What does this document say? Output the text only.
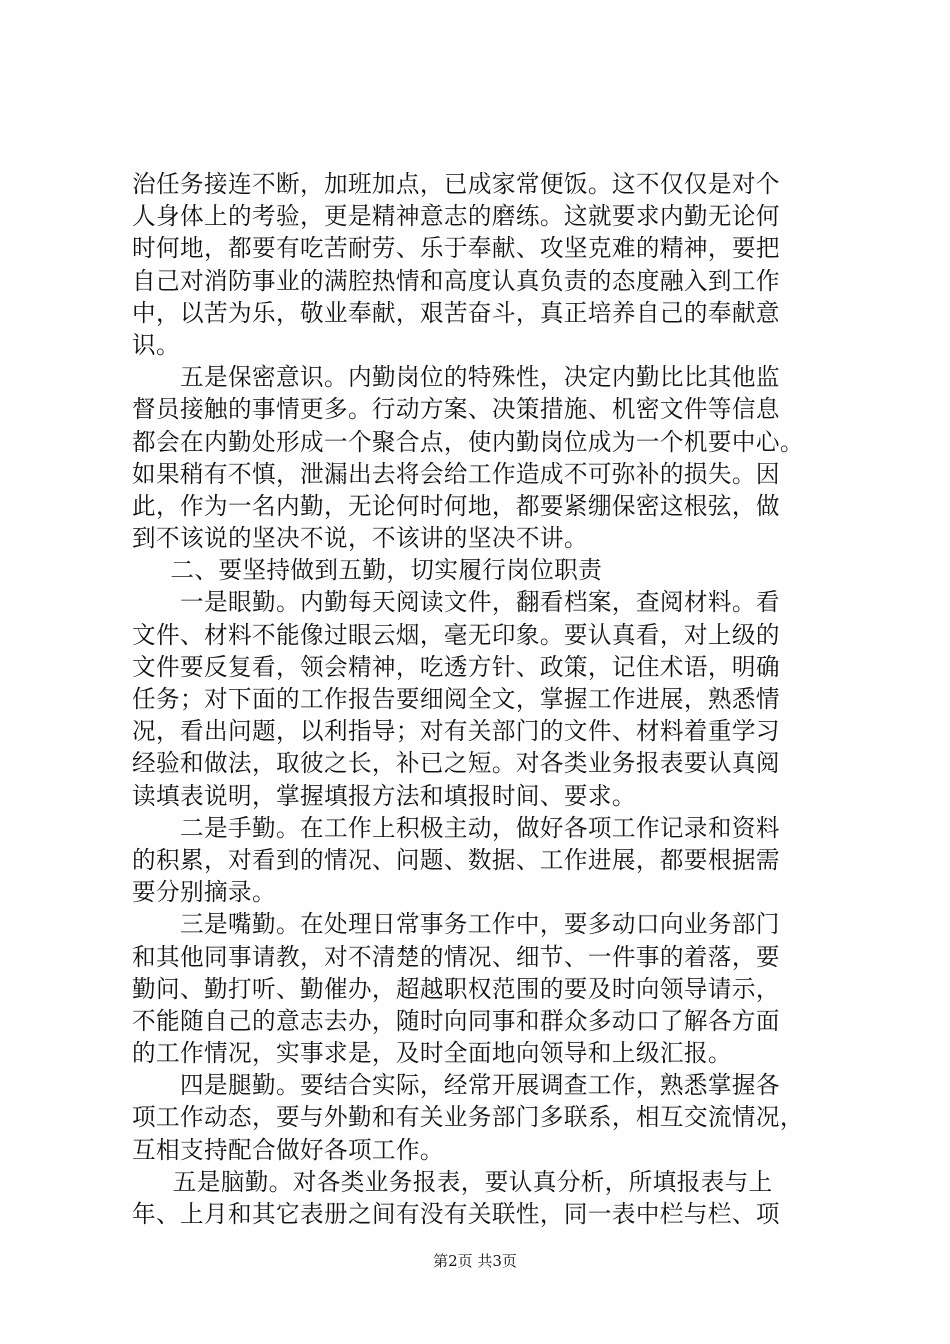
治任务接连不断，加班加点，已成家常便饭。这不仅仅是对个
人身体上的考验，更是精神意志的磨练。这就要求内勤无论何
时何地，都要有吃苦耐劳、乐于奉献、攻坚克难的精神，要把
自己对消防事业的满腔热情和高度认真负责的态度融入到工作
中，以苦为乐，敬业奉献，艰苦奋斗，真正培养自己的奉献意
识。
五是保密意识。内勤岗位的特殊性，决定内勤比比其他监
督员接触的事情更多。行动方案、决策措施、机密文件等信息
都会在内勤处形成一个聚合点，使内勤岗位成为一个机要中心。
如果稍有不慎，泄漏出去将会给工作造成不可弥补的损失。因
此，作为一名内勤，无论何时何地，都要紧绷保密这根弦，做
到不该说的坚决不说，不该讲的坚决不讲。
二、要坚持做到五勤，切实履行岗位职责
一是眼勤。内勤每天阅读文件，翻看档案，查阅材料。看
文件、材料不能像过眼云烟，毫无印象。要认真看，对上级的
文件要反复看，领会精神，吃透方针、政策，记住术语，明确
任务；对下面的工作报告要细阅全文，掌握工作进展，熟悉情
况，看出问题，以利指导；对有关部门的文件、材料着重学习
经验和做法，取彼之长，补已之短。对各类业务报表要认真阅
读填表说明，掌握填报方法和填报时间、要求。
二是手勤。在工作上积极主动，做好各项工作记录和资料
的积累，对看到的情况、问题、数据、工作进展，都要根据需
要分别摘录。
三是嘴勤。在处理日常事务工作中，要多动口向业务部门
和其他同事请教，对不清楚的情况、细节、一件事的着落，要
勤问、勤打听、勤催办，超越职权范围的要及时向领导请示，
不能随自己的意志去办，随时向同事和群众多动口了解各方面
的工作情况，实事求是，及时全面地向领导和上级汇报。
四是腿勤。要结合实际，经常开展调查工作，熟悉掌握各
项工作动态，要与外勤和有关业务部门多联系，相互交流情况，
互相支持配合做好各项工作。
五是脑勤。对各类业务报表，要认真分析，所填报表与上
年、上月和其它表册之间有没有关联性，同一表中栏与栏、项
第2页 共3页
